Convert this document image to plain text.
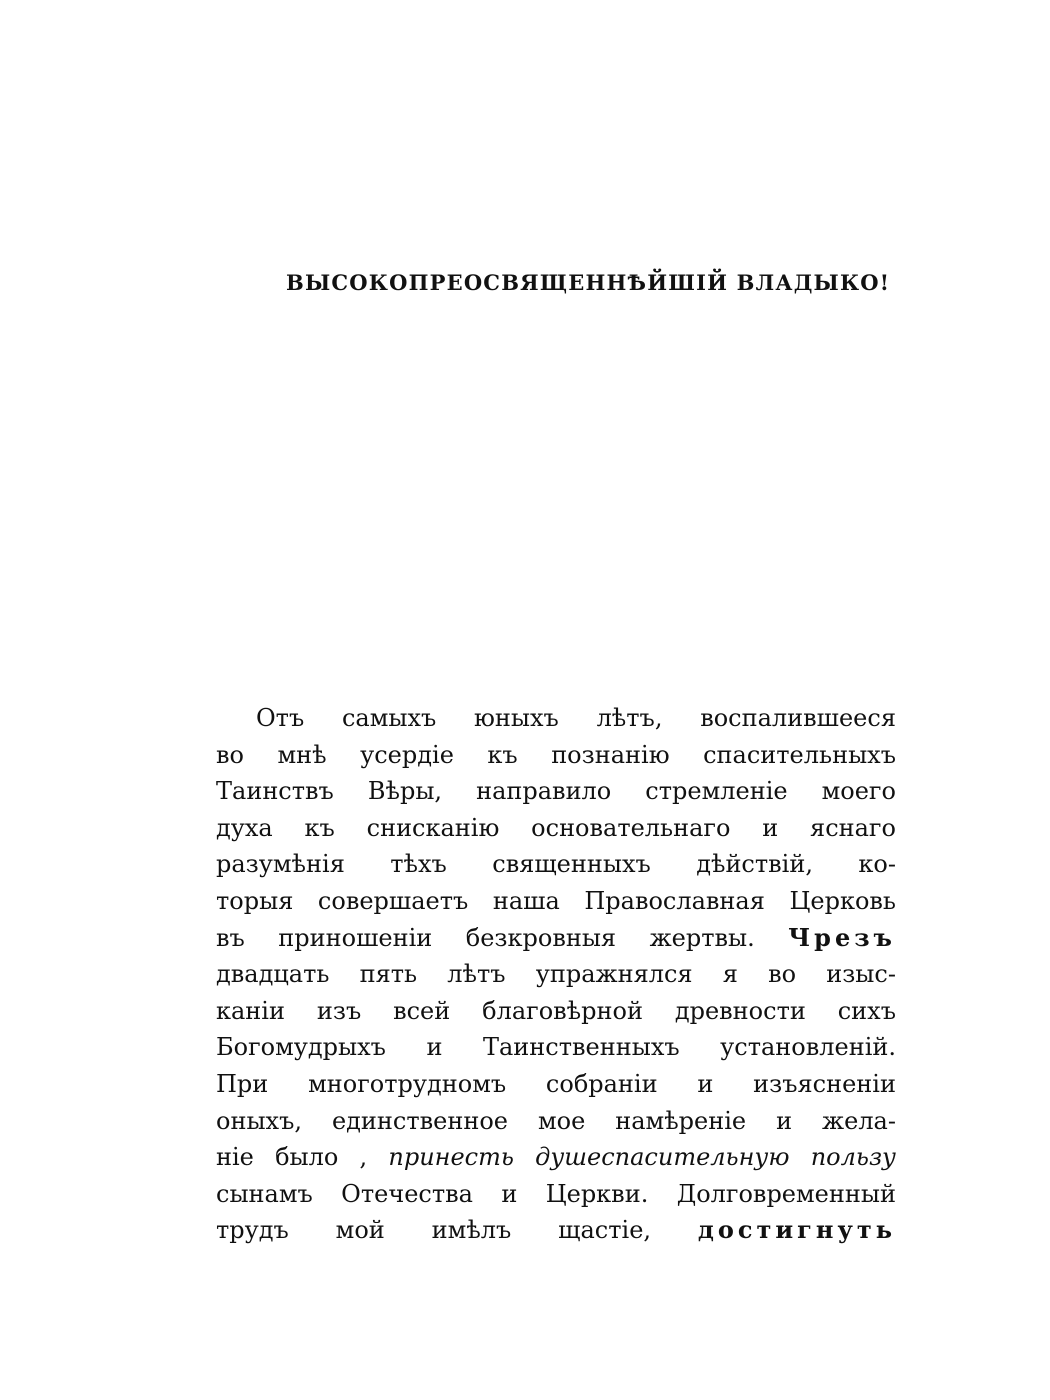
ВЫСОКОПРЕОСВЯЩЕННѢЙШІЙ ВЛАДЫКО!
Отъ самыхъ юныхъ лѣтъ, воспалившееся
во мнѣ усердіе къ познанію спасительныхъ
Таинствъ Вѣры, направило стремленіе моего
духа къ снисканію основательнаго и яснаго
разумѣнія тѣхъ священныхъ дѣйствій, ко-
торыя совершаетъ наша Православная Церковь
въ приношеніи безкровныя жертвы. Чрезъ
двадцать пять лѣтъ упражнялся я во изыс-
каніи изъ всей благовѣрной древности сихъ
Богомудрыхъ и Таинственныхъ установленій.
При многотрудномъ собраніи и изъясненіи
оныхъ, единственное мое намѣреніе и жела-
ніе было , принесть душеспасительную пользу
сынамъ Отечества и Церкви. Долговременный
трудъ мой имѣлъ щастіе, достигнуть
